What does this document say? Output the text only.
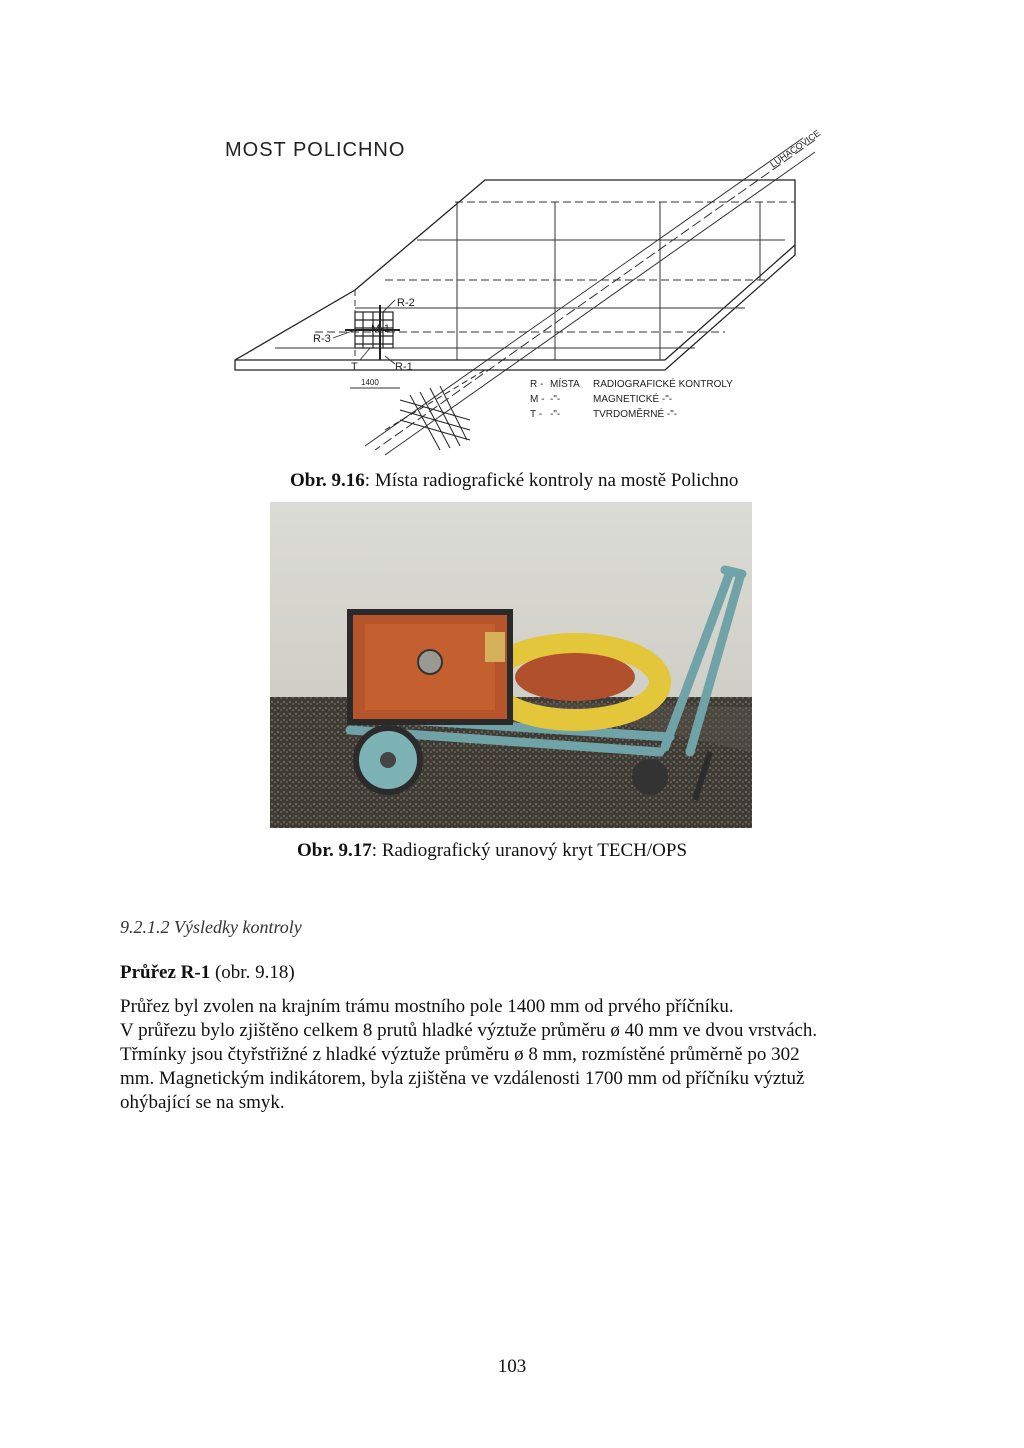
MOST POLICHNO	LUHAČOVICE
R-2
R-3
M-1
T	R-1
1400	R - MÍSTA RADIOGRAFICKÉ KONTROLY
M - -"-	MAGNETICKÉ -"-
T - -"-	TVRDOMĚRNÉ -"-
Obr. 9.16: Místa radiografické kontroly na mostě Polichno
Obr. 9.17: Radiografický uranový kryt TECH/OPS
9.2.1.2 Výsledky kontroly
Průřez R-1 (obr. 9.18)

Průřez byl zvolen na krajním trámu mostního pole 1400 mm od prvého příčníku.

V průřezu bylo zjištěno celkem 8 prutů hladké výztuže průměru ø 40 mm ve dvou vrstvách.

Třmínky jsou čtyřstřižné z hladké výztuže průměru ø 8 mm, rozmístěné průměrně po 302

mm. Magnetickým indikátorem, byla zjištěna ve vzdálenosti 1700 mm od příčníku výztuž

ohýbající se na smyk.

103
